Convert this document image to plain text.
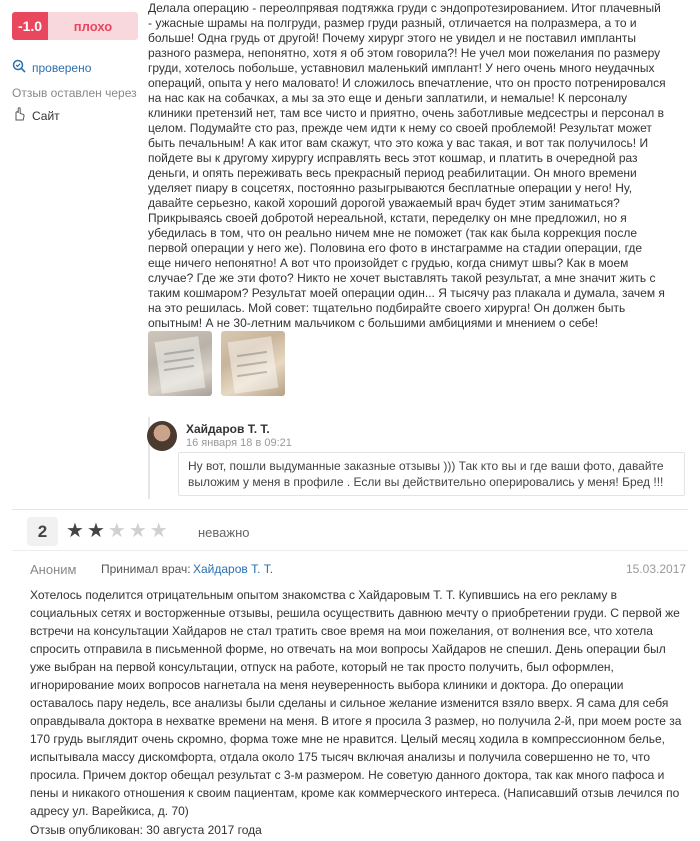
-1.0	плохо
проверено
Отзыв оставлен через
Сайт
Делала операцию - переолпрявая подтяжка груди с эндопротезированием. Итог плачевный - ужасные шрамы на полгруди, размер груди разный, отличается на полразмера, а то и больше! Одна грудь от другой! Почему хирург этого не увидел и не поставил импланты разного размера, непонятно, хотя я об этом говорила?! Не учел мои пожелания по размеру груди, хотелось побольше, уставновил маленький имплант! У него очень много неудачных операций, опыта у него маловато! И сложилось впечатление, что он просто потренировался на нас как на собачках, а мы за это еще и деньги заплатили, и немалые! К персоналу клиники претензий нет, там все чисто и приятно, очень заботливые медсестры и персонал в целом. Подумайте сто раз, прежде чем идти к нему со своей проблемой! Результат может быть печальным! А как итог вам скажут, что это кожа у вас такая, и вот так получилось! И пойдете вы к другому хирургу исправлять весь этот кошмар, и платить в очередной раз деньги, и опять переживать весь прекрасный период реабилитации. Он много времени уделяет пиару в соцсетях, постоянно разыгрываются бесплатные операции у него! Ну, давайте серьезно, какой хороший дорогой уважаемый врач будет этим заниматься? Прикрываясь своей добротой нереальной, кстати, переделку он мне предложил, но я убедилась в том, что он реально ничем мне не поможет (так как была коррекция после первой операции у него же). Половина его фото в инстаграмме на стадии операции, где еще ничего непонятно! А вот что произойдет с грудью, когда снимут швы? Как в моем случае? Где же эти фото? Никто не хочет выставлять такой результат, а мне значит жить с таким кошмаром? Результат моей операции один... Я тысячу раз плакала и думала, зачем я на это решилась. Мой совет: тщательно подбирайте своего хирурга! Он должен быть опытным! А не 30-летним мальчиком с большими амбициями и мнением о себе!
Хайдаров Т. Т.
16 января 18 в 09:21
Ну вот, пошли выдуманные заказные отзывы ))) Так кто вы и где ваши фото, давайте выложим у меня в профиле . Если вы действительно оперировались у меня! Бред !!!
2 ★ ★ ★ ★ ★ неважно
Аноним Принимал врач: Хайдаров Т. Т.	15.03.2017
Хотелось поделится отрицательным опытом знакомства с Хайдаровым Т. Т. Купившись на его рекламу в социальных сетях и восторженные отзывы, решила осуществить давнюю мечту о приобретении груди. С первой же встречи на консультации Хайдаров не стал тратить свое время на мои пожелания, от волнения все, что хотела спросить отправила в письменной форме, но отвечать на мои вопросы Хайдаров не спешил. День операции был уже выбран на первой консультации, отпуск на работе, который не так просто получить, был оформлен, игнорирование моих вопросов нагнетала на меня неуверенность выбора клиники и доктора. До операции оставалось пару недель, все анализы были сделаны и сильное желание изменится взяло вверх. Я сама для себя оправдывала доктора в нехватке времени на меня. В итоге я просила 3 размер, но получила 2-й, при моем росте за 170 грудь выглядит очень скромно, форма тоже мне не нравится. Целый месяц ходила в компрессионном белье, испытывала массу дискомфорта, отдала около 175 тысяч включая анализы и получила совершенно не то, что просила. Причем доктор обещал результат с 3-м размером. Не советую данного доктора, так как много пафоса и пены и никакого отношения к своим пациентам, кроме как коммерческого интереса. (Написавший отзыв лечился по адресу ул. Варейкиса, д. 70)
Отзыв опубликован: 30 августа 2017 года
